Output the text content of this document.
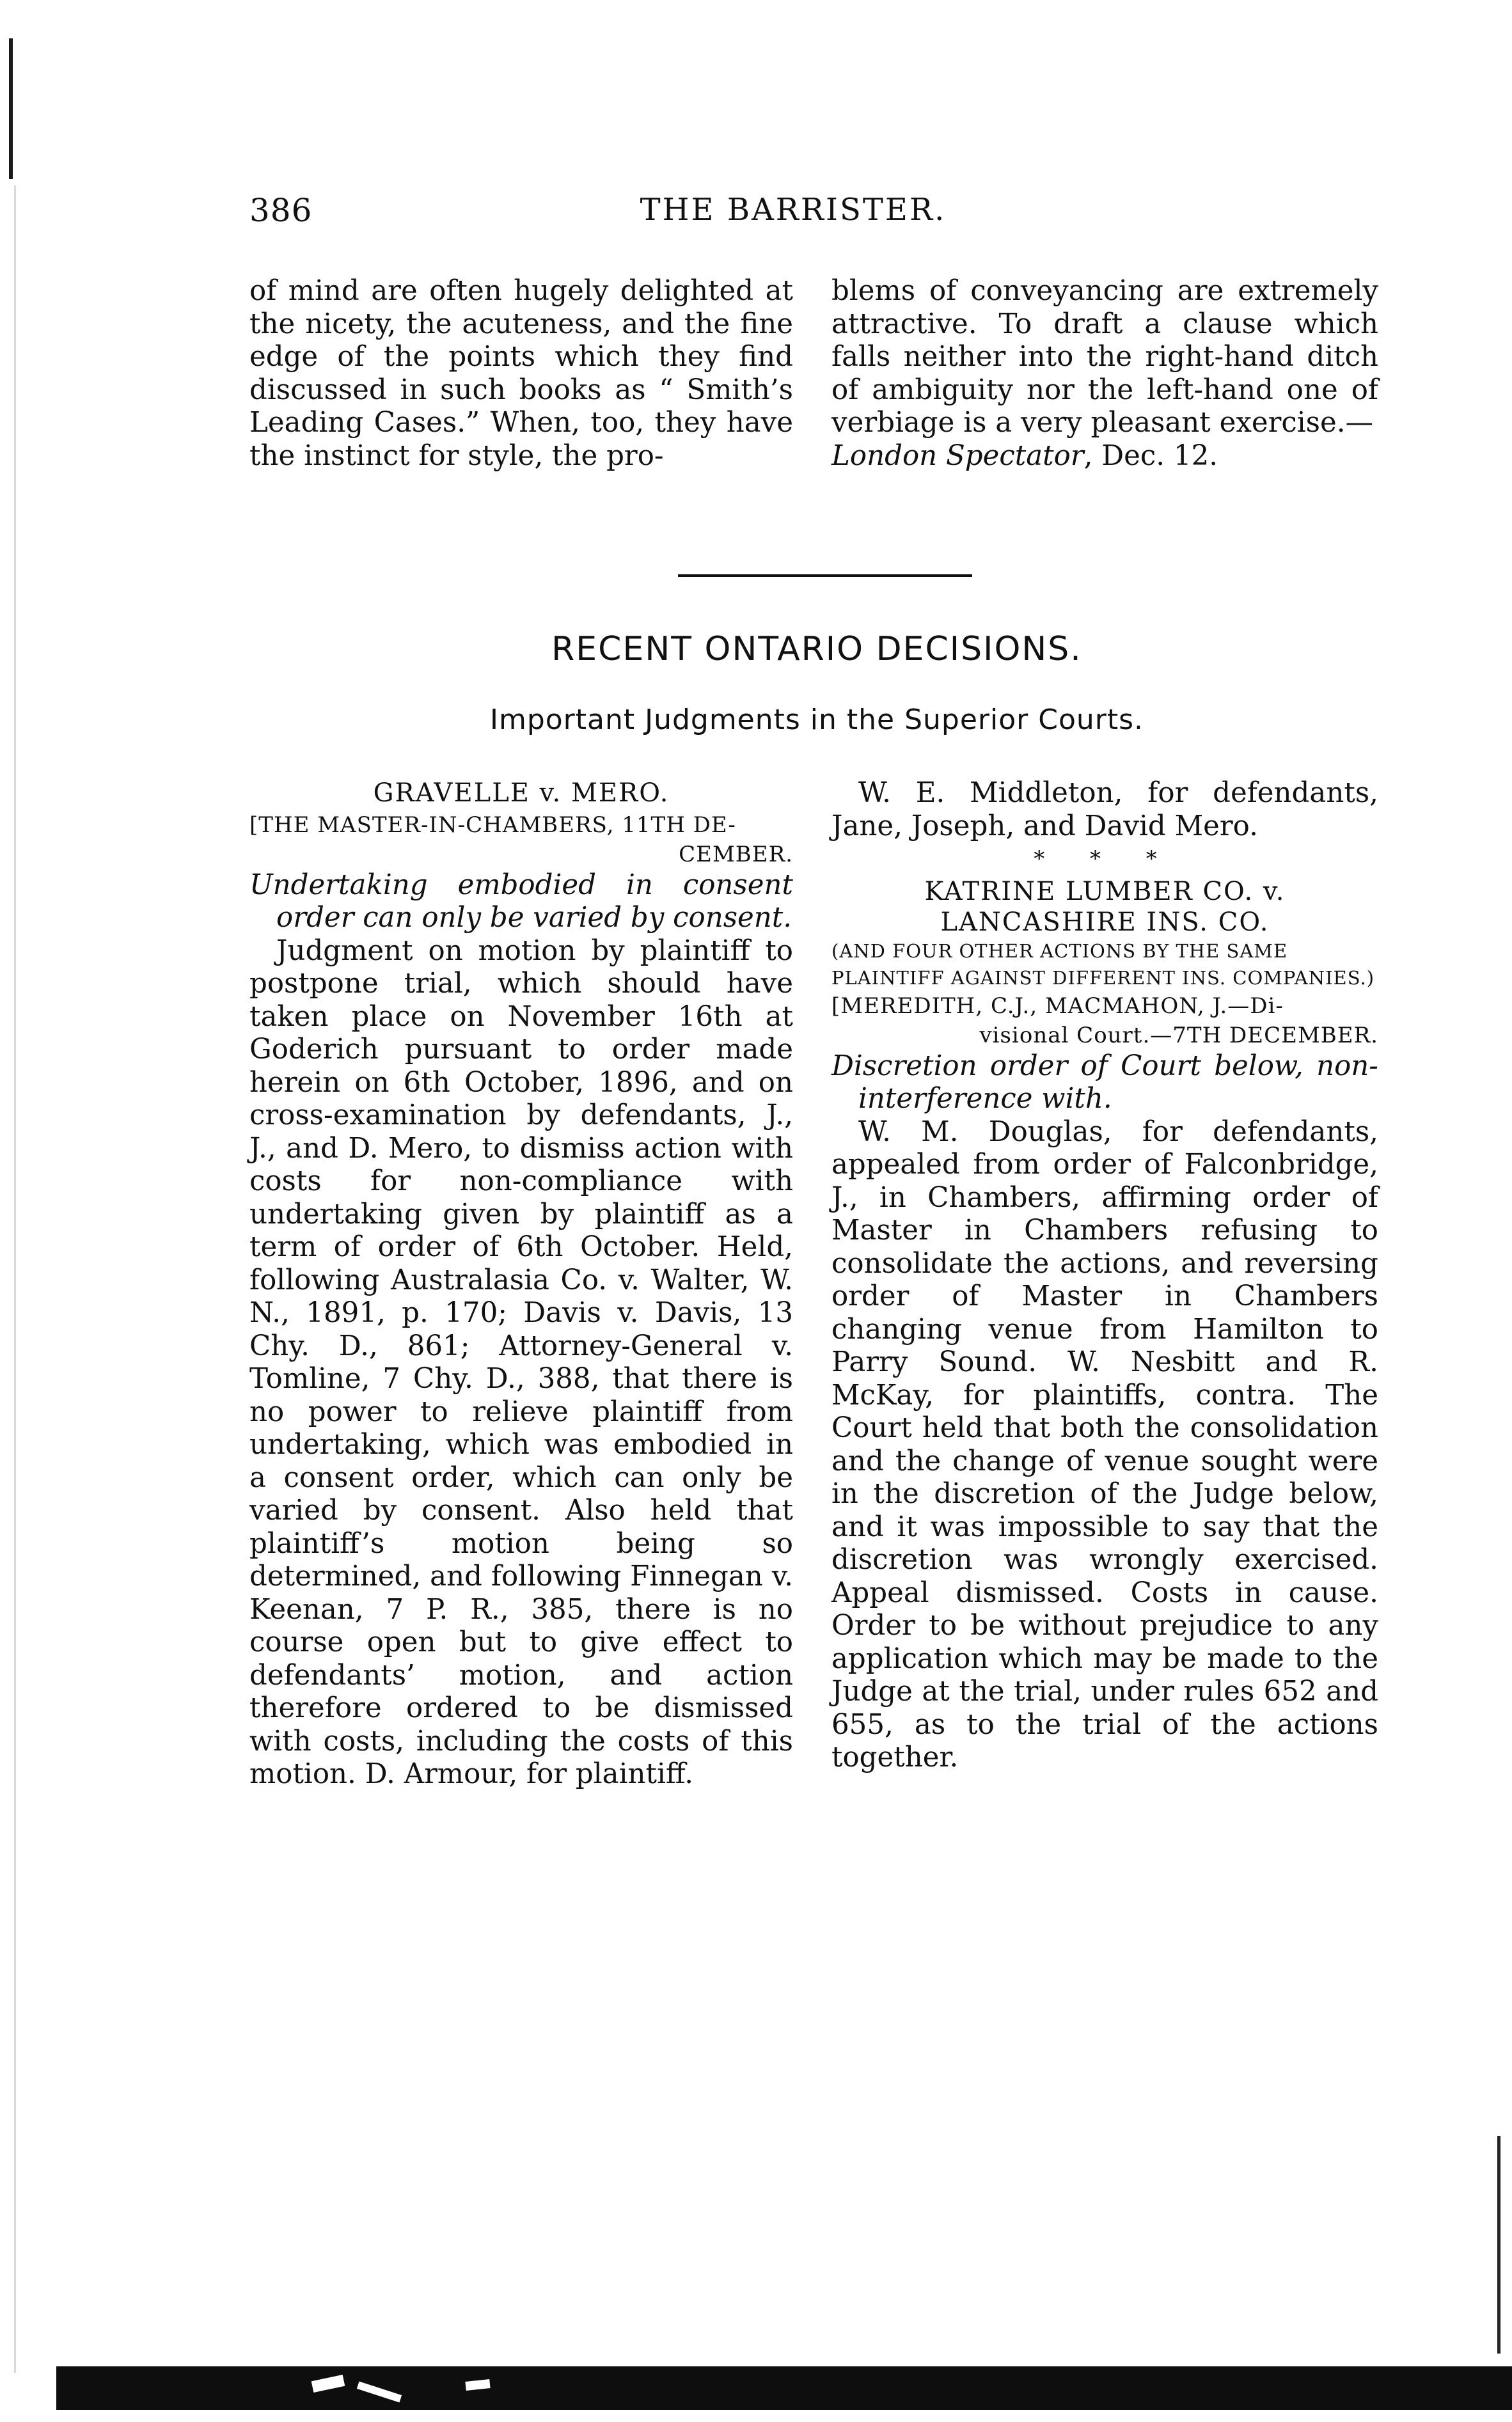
386	THE BARRISTER.

of mind are often hugely delighted at the nicety, the acuteness, and the fine edge of the points which they find discussed in such books as “ Smith’s Leading Cases.” When, too, they have the instinct for style, the pro-

blems of conveyancing are extremely attractive. To draft a clause which falls neither into the right-hand ditch of ambiguity nor the left-hand one of verbiage is a very pleasant exercise.—
London Spectator, Dec. 12.

RECENT ONTARIO DECISIONS.
Important Judgments in the Superior Courts.

GRAVELLE v. MERO.

[THE MASTER-IN-CHAMBERS, 11TH DE-
CEMBER.

Undertaking embodied in consent order can only be varied by consent.

Judgment on motion by plaintiff to postpone trial, which should have taken place on November 16th at Goderich pursuant to order made herein on 6th October, 1896, and on cross-examination by defendants, J., J., and D. Mero, to dismiss action with costs for non-compliance with undertaking given by plaintiff as a term of order of 6th October. Held, following Australasia Co. v. Walter, W. N., 1891, p. 170; Davis v. Davis, 13 Chy. D., 861; Attorney-General v. Tomline, 7 Chy. D., 388, that there is no power to relieve plaintiff from undertaking, which was embodied in a consent order, which can only be varied by consent. Also held that plaintiff’s motion being so determined, and following Finnegan v. Keenan, 7 P. R., 385, there is no course open but to give effect to defendants’ motion, and action therefore ordered to be dismissed with costs, including the costs of this motion. D. Armour, for plaintiff.

W. E. Middleton, for defendants, Jane, Joseph, and David Mero.

* * *

KATRINE LUMBER CO. v. LANCASHIRE INS. CO.

(AND FOUR OTHER ACTIONS BY THE SAME PLAINTIFF AGAINST DIFFERENT INS. COMPANIES.)

[MEREDITH, C.J., MACMAHON, J.—Di-
visional Court.—7TH DECEMBER.

Discretion order of Court below, non-interference with.

W. M. Douglas, for defendants, appealed from order of Falconbridge, J., in Chambers, affirming order of Master in Chambers refusing to consolidate the actions, and reversing order of Master in Chambers changing venue from Hamilton to Parry Sound. W. Nesbitt and R. McKay, for plaintiffs, contra. The Court held that both the consolidation and the change of venue sought were in the discretion of the Judge below, and it was impossible to say that the discretion was wrongly exercised. Appeal dismissed. Costs in cause. Order to be without prejudice to any application which may be made to the Judge at the trial, under rules 652 and 655, as to the trial of the actions together.
